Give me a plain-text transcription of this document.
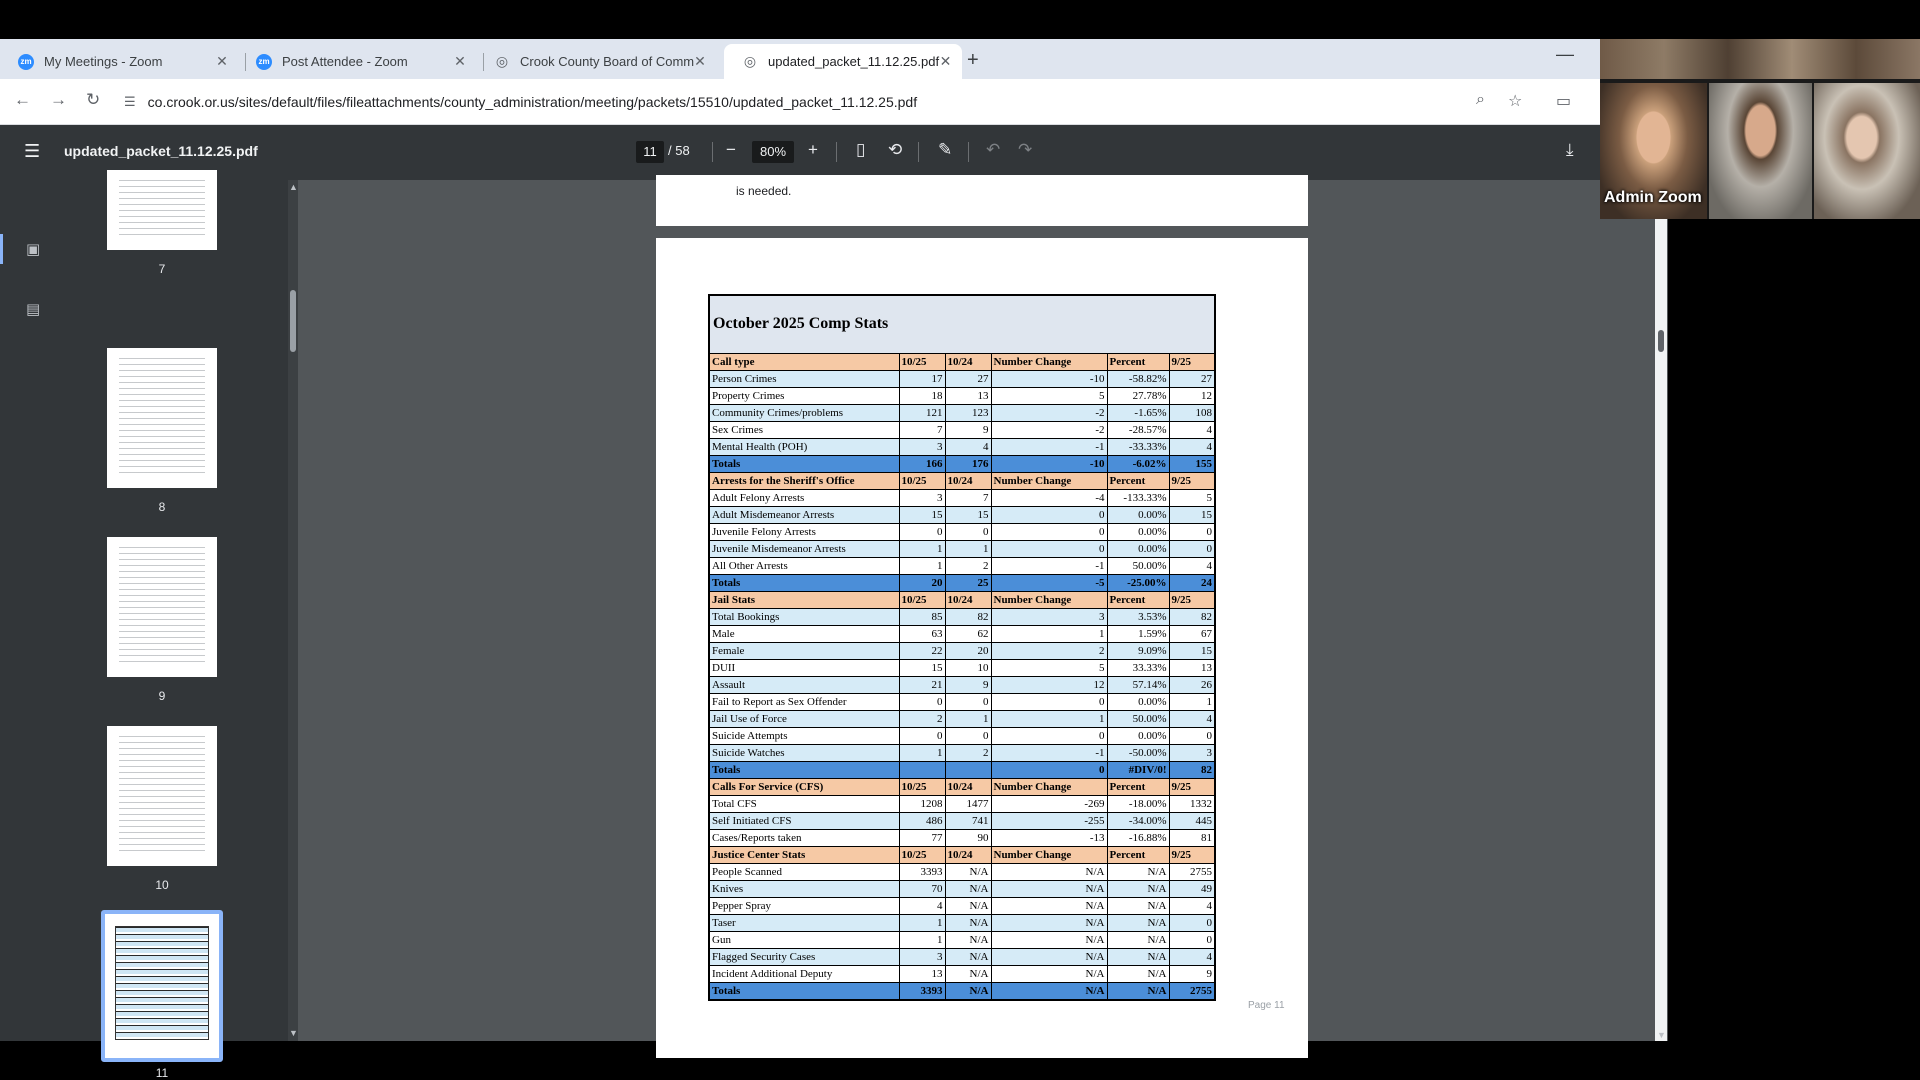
zm My Meetings - Zoom	✕	zm Post Attendee - Zoom	✕ ◎ Crook County Board of Comm ✕	◎ updated_packet_11.12.25.pdf ✕ +	—
← → ↻ ☰ co.crook.or.us/sites/default/files/fileattachments/county_administration/meeting/packets/15510/updated_packet_11.12.25.pdf	⌕ ☆ ▭
☰ updated_packet_11.12.25.pdf	11 / 58 −	80%	+ ▯ ⟲ ✎ ↶ ↷	⤓
▣
▤
7
8
9
10
11
▲
▼
is needed.
October 2025 Comp Stats					
Call type	10/25	10/24	Number Change	Percent	9/25
Person Crimes	17	27	-10	-58.82%	27
Property Crimes	18	13	5	27.78%	12
Community Crimes/problems	121	123	-2	-1.65%	108
Sex Crimes	7	9	-2	-28.57%	4
Mental Health (POH)	3	4	-1	-33.33%	4
Totals	166	176	-10	-6.02%	155
Arrests for the Sheriff's Office	10/25	10/24	Number Change	Percent	9/25
Adult Felony Arrests	3	7	-4	-133.33%	5
Adult Misdemeanor Arrests	15	15	0	0.00%	15
Juvenile Felony Arrests	0	0	0	0.00%	0
Juvenile Misdemeanor Arrests	1	1	0	0.00%	0
All Other Arrests	1	2	-1	50.00%	4
Totals	20	25	-5	-25.00%	24
Jail Stats	10/25	10/24	Number Change	Percent	9/25
Total Bookings	85	82	3	3.53%	82
Male	63	62	1	1.59%	67
Female	22	20	2	9.09%	15
DUII	15	10	5	33.33%	13
Assault	21	9	12	57.14%	26
Fail to Report as Sex Offender	0	0	0	0.00%	1
Jail Use of Force	2	1	1	50.00%	4
Suicide Attempts	0	0	0	0.00%	0
Suicide Watches	1	2	-1	-50.00%	3
Totals			0	#DIV/0!	82
Calls For Service (CFS)	10/25	10/24	Number Change	Percent	9/25
Total CFS	1208	1477	-269	-18.00%	1332
Self Initiated CFS	486	741	-255	-34.00%	445
Cases/Reports taken	77	90	-13	-16.88%	81
Justice Center Stats	10/25	10/24	Number Change	Percent	9/25
People Scanned	3393	N/A	N/A	N/A	2755
Knives	70	N/A	N/A	N/A	49
Pepper Spray	4	N/A	N/A	N/A	4
Taser	1	N/A	N/A	N/A	0
Gun	1	N/A	N/A	N/A	0
Flagged Security Cases	3	N/A	N/A	N/A	4
Incident Additional Deputy	13	N/A	N/A	N/A	9
Totals	3393	N/A	N/A	N/A	2755
Page 11
▼
Admin Zoom
